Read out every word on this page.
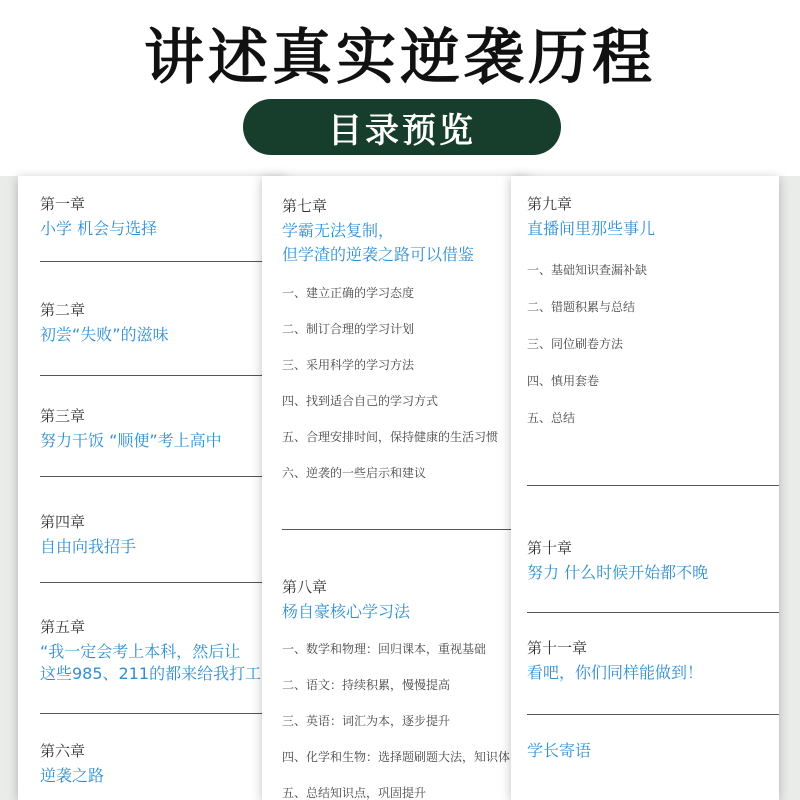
讲述真实逆袭历程
目录预览
第一章
小学 机会与选择
第二章
初尝“失败”的滋味
第三章
努力干饭 “顺便”考上高中
第四章
自由向我招手
第五章
“我一定会考上本科，然后让
这些985、211的都来给我打工
第六章
逆袭之路
第七章
学霸无法复制，
但学渣的逆袭之路可以借鉴
一、建立正确的学习态度
二、制订合理的学习计划
三、采用科学的学习方法
四、找到适合自己的学习方式
五、合理安排时间，保持健康的生活习惯
六、逆袭的一些启示和建议
第八章
杨自豪核心学习法
一、数学和物理：回归课本，重视基础
二、语文：持续积累，慢慢提高
三、英语：词汇为本，逐步提升
四、化学和生物：选择题刷题大法，知识体
五、总结知识点，巩固提升
第九章
直播间里那些事儿
一、基础知识查漏补缺
二、错题积累与总结
三、同位刷卷方法
四、慎用套卷
五、总结
第十章
努力 什么时候开始都不晚
第十一章
看吧，你们同样能做到！
学长寄语
